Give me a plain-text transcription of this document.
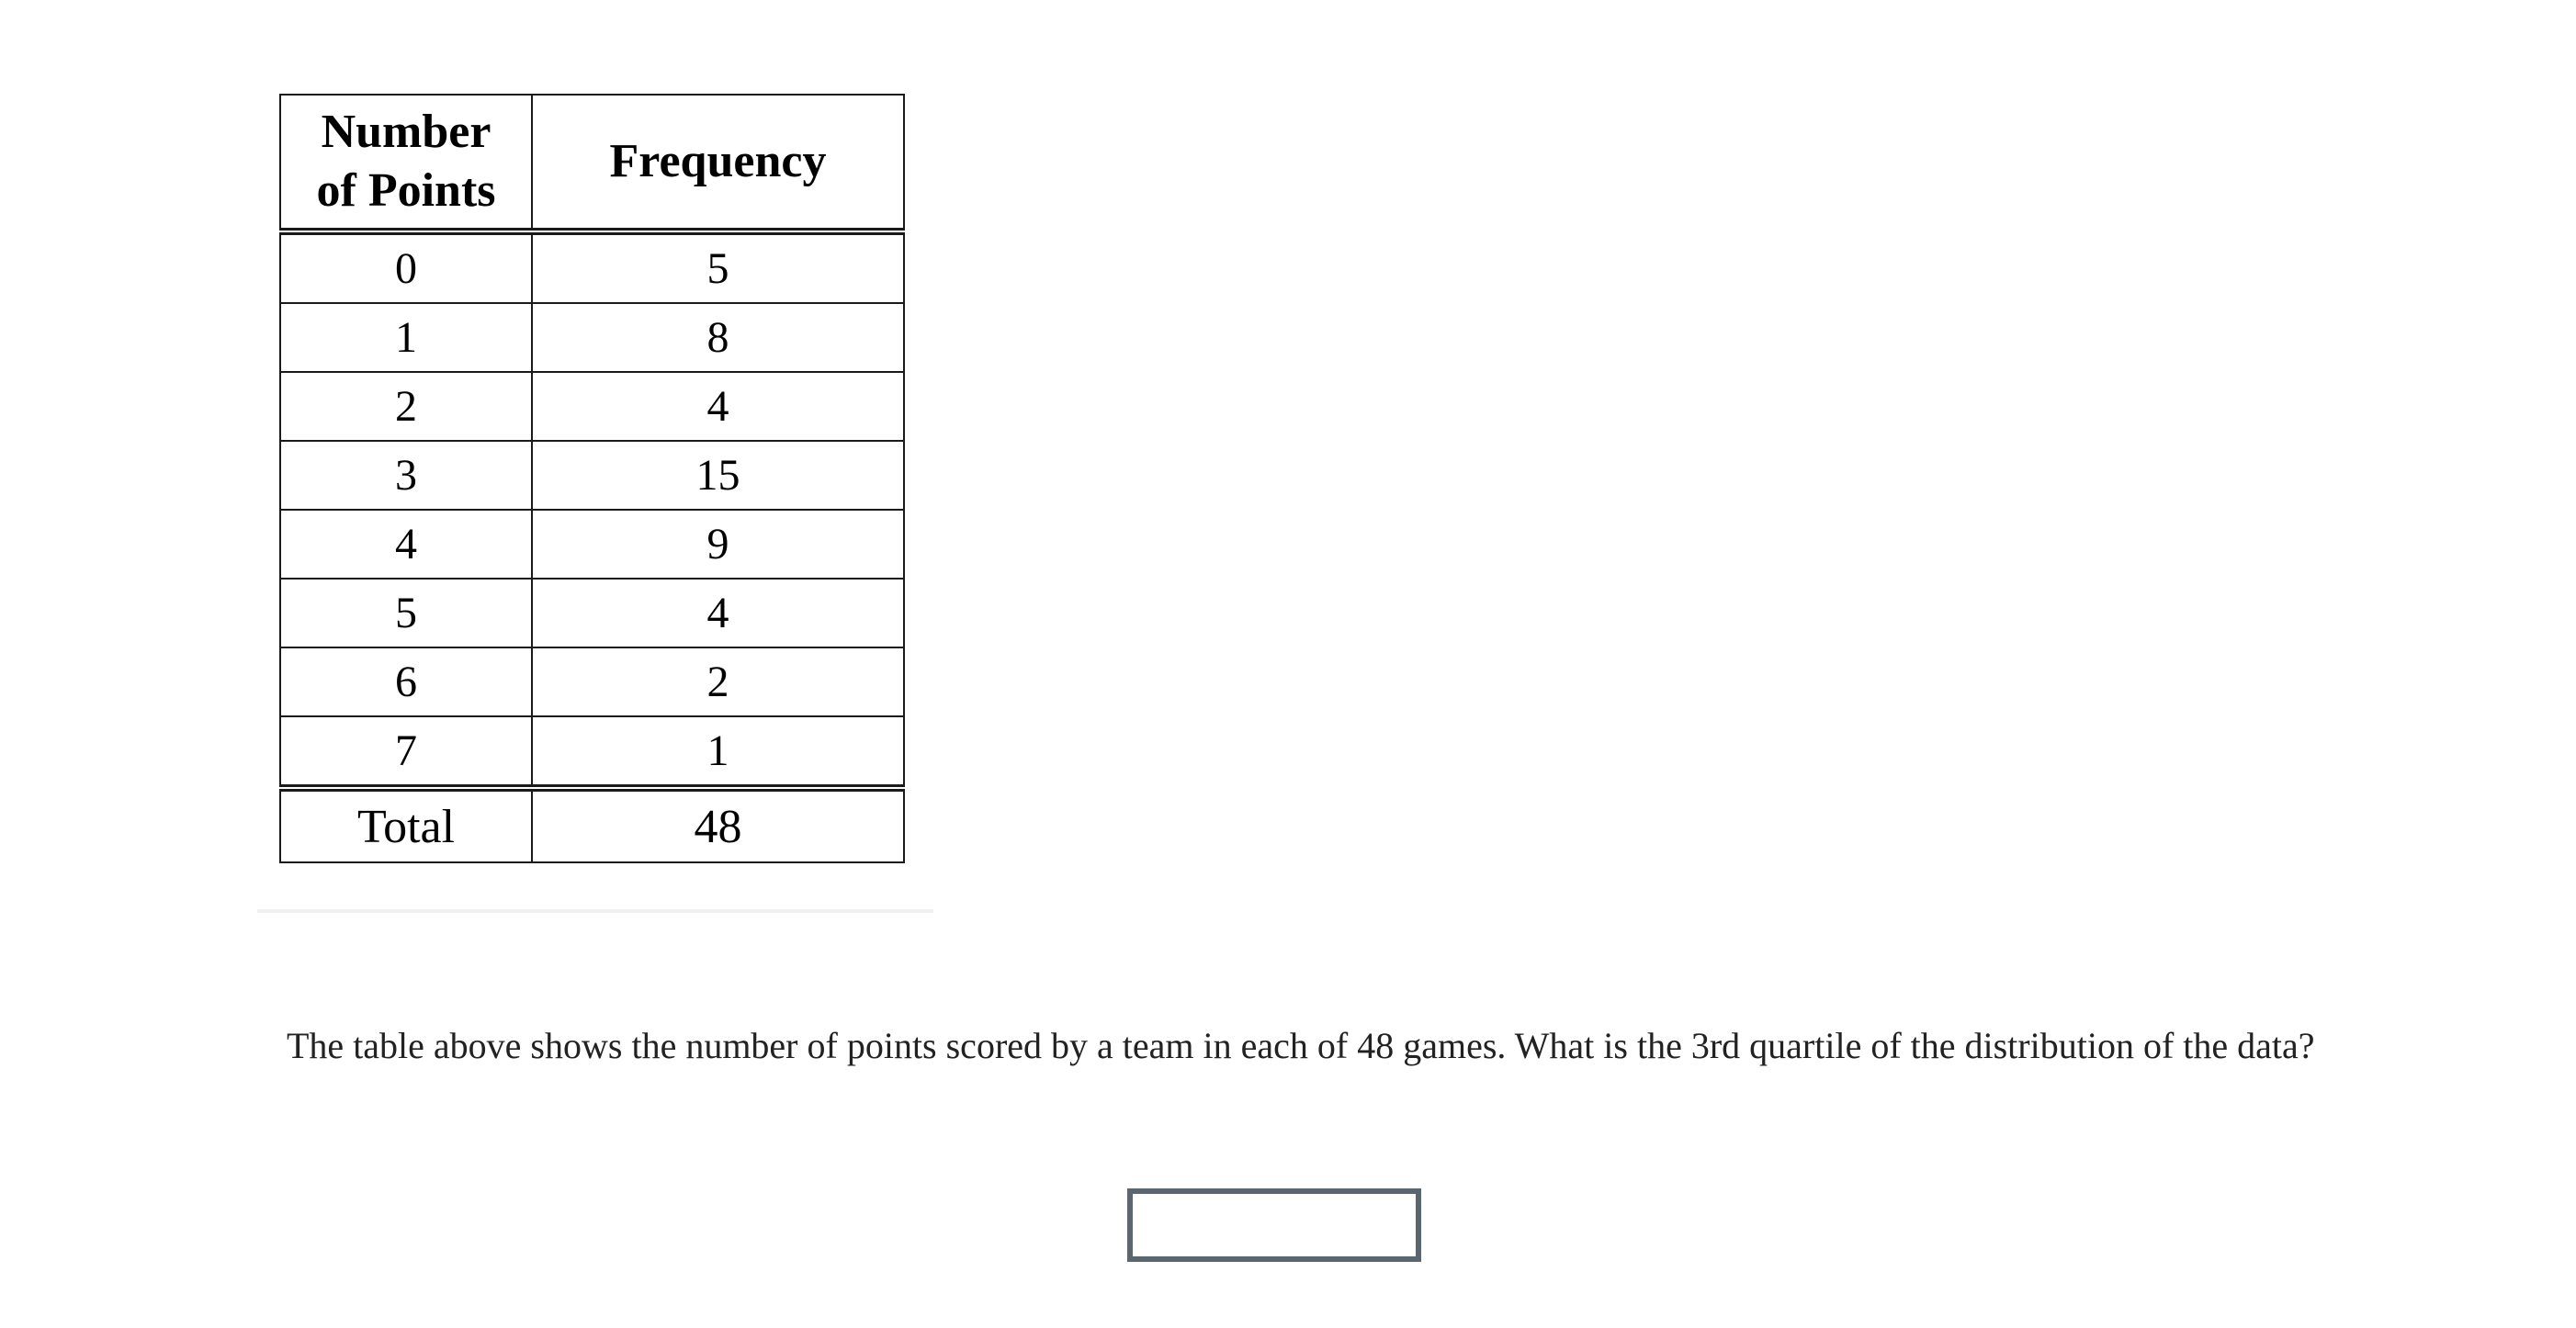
Number
of Points	Frequency
0	5
1	8
2	4
3	15
4	9
5	4
6	2
7	1
Total	48

The table above shows the number of points scored by a team in each of 48 games. What is the 3rd quartile of the distribution of the data?
